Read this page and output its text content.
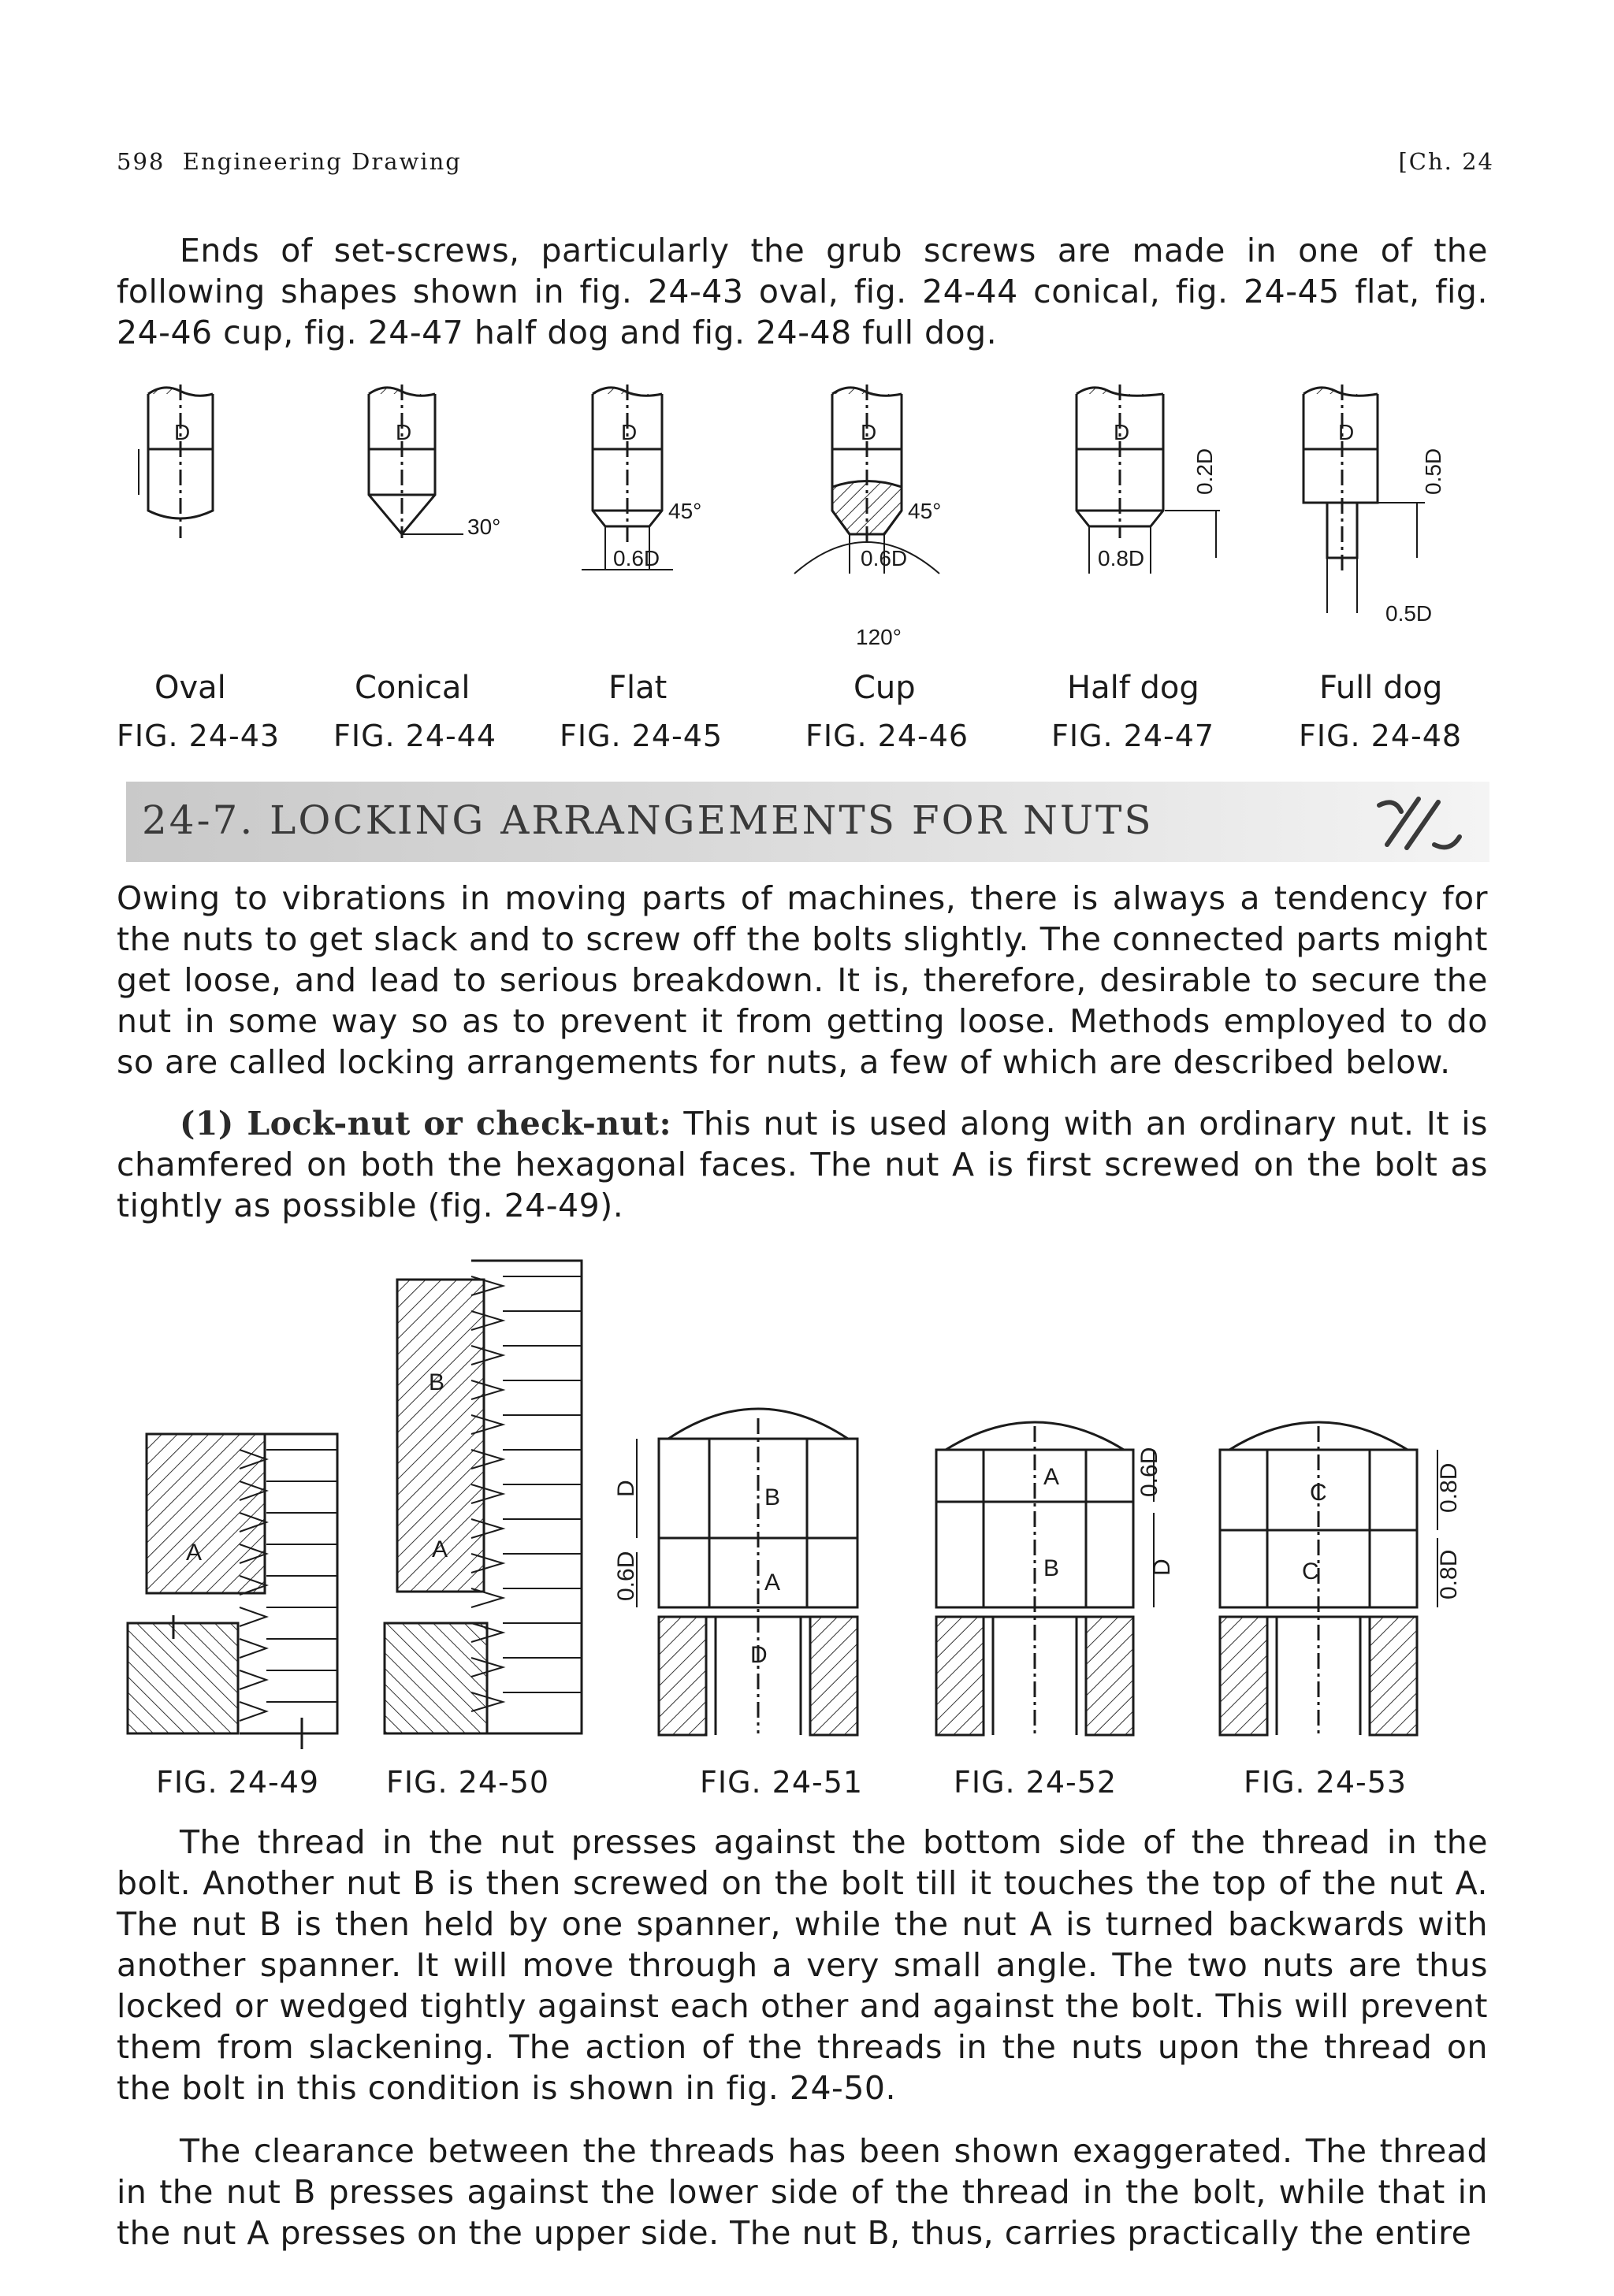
598 Engineering Drawing	[Ch. 24

Ends of set-screws, particularly the grub screws are made in one of the following shapes shown in fig. 24-43 oval, fig. 24-44 conical, fig. 24-45 flat, fig. 24-46 cup, fig. 24-47 half dog and fig. 24-48 full dog.

D	D
30°
D
45°
0.6D
D
45°
0.6D
120°
D
0.8D
D
0.5D
0.2D	0.5D
Oval
FIG. 24-43
Conical
FIG. 24-44
Flat
FIG. 24-45
Cup
FIG. 24-46
Half dog
FIG. 24-47
Full dog
FIG. 24-48
24-7. LOCKING ARRANGEMENTS FOR NUTS

Owing to vibrations in moving parts of machines, there is always a tendency for the nuts to get slack and to screw off the bolts slightly. The connected parts might get loose, and lead to serious breakdown. It is, therefore, desirable to secure the nut in some way so as to prevent it from getting loose. Methods employed to do so are called locking arrangements for nuts, a few of which are described below.

(1) Lock-nut or check-nut: This nut is used along with an ordinary nut. It is chamfered on both the hexagonal faces. The nut A is first screwed on the bolt as tightly as possible (fig. 24-49).

A
B
A
B
A
D
A
B
C
C
D
0.6D
0.6D
D
0.8D
0.8D
FIG. 24-49 FIG. 24-50	FIG. 24-51	FIG. 24-52	FIG. 24-53

The thread in the nut presses against the bottom side of the thread in the bolt. Another nut B is then screwed on the bolt till it touches the top of the nut A. The nut B is then held by one spanner, while the nut A is turned backwards with another spanner. It will move through a very small angle. The two nuts are thus locked or wedged tightly against each other and against the bolt. This will prevent them from slackening. The action of the threads in the nuts upon the thread on the bolt in this condition is shown in fig. 24-50.

The clearance between the threads has been shown exaggerated. The thread in the nut B presses against the lower side of the thread in the bolt, while that in the nut A presses on the upper side. The nut B, thus, carries practically the entire
